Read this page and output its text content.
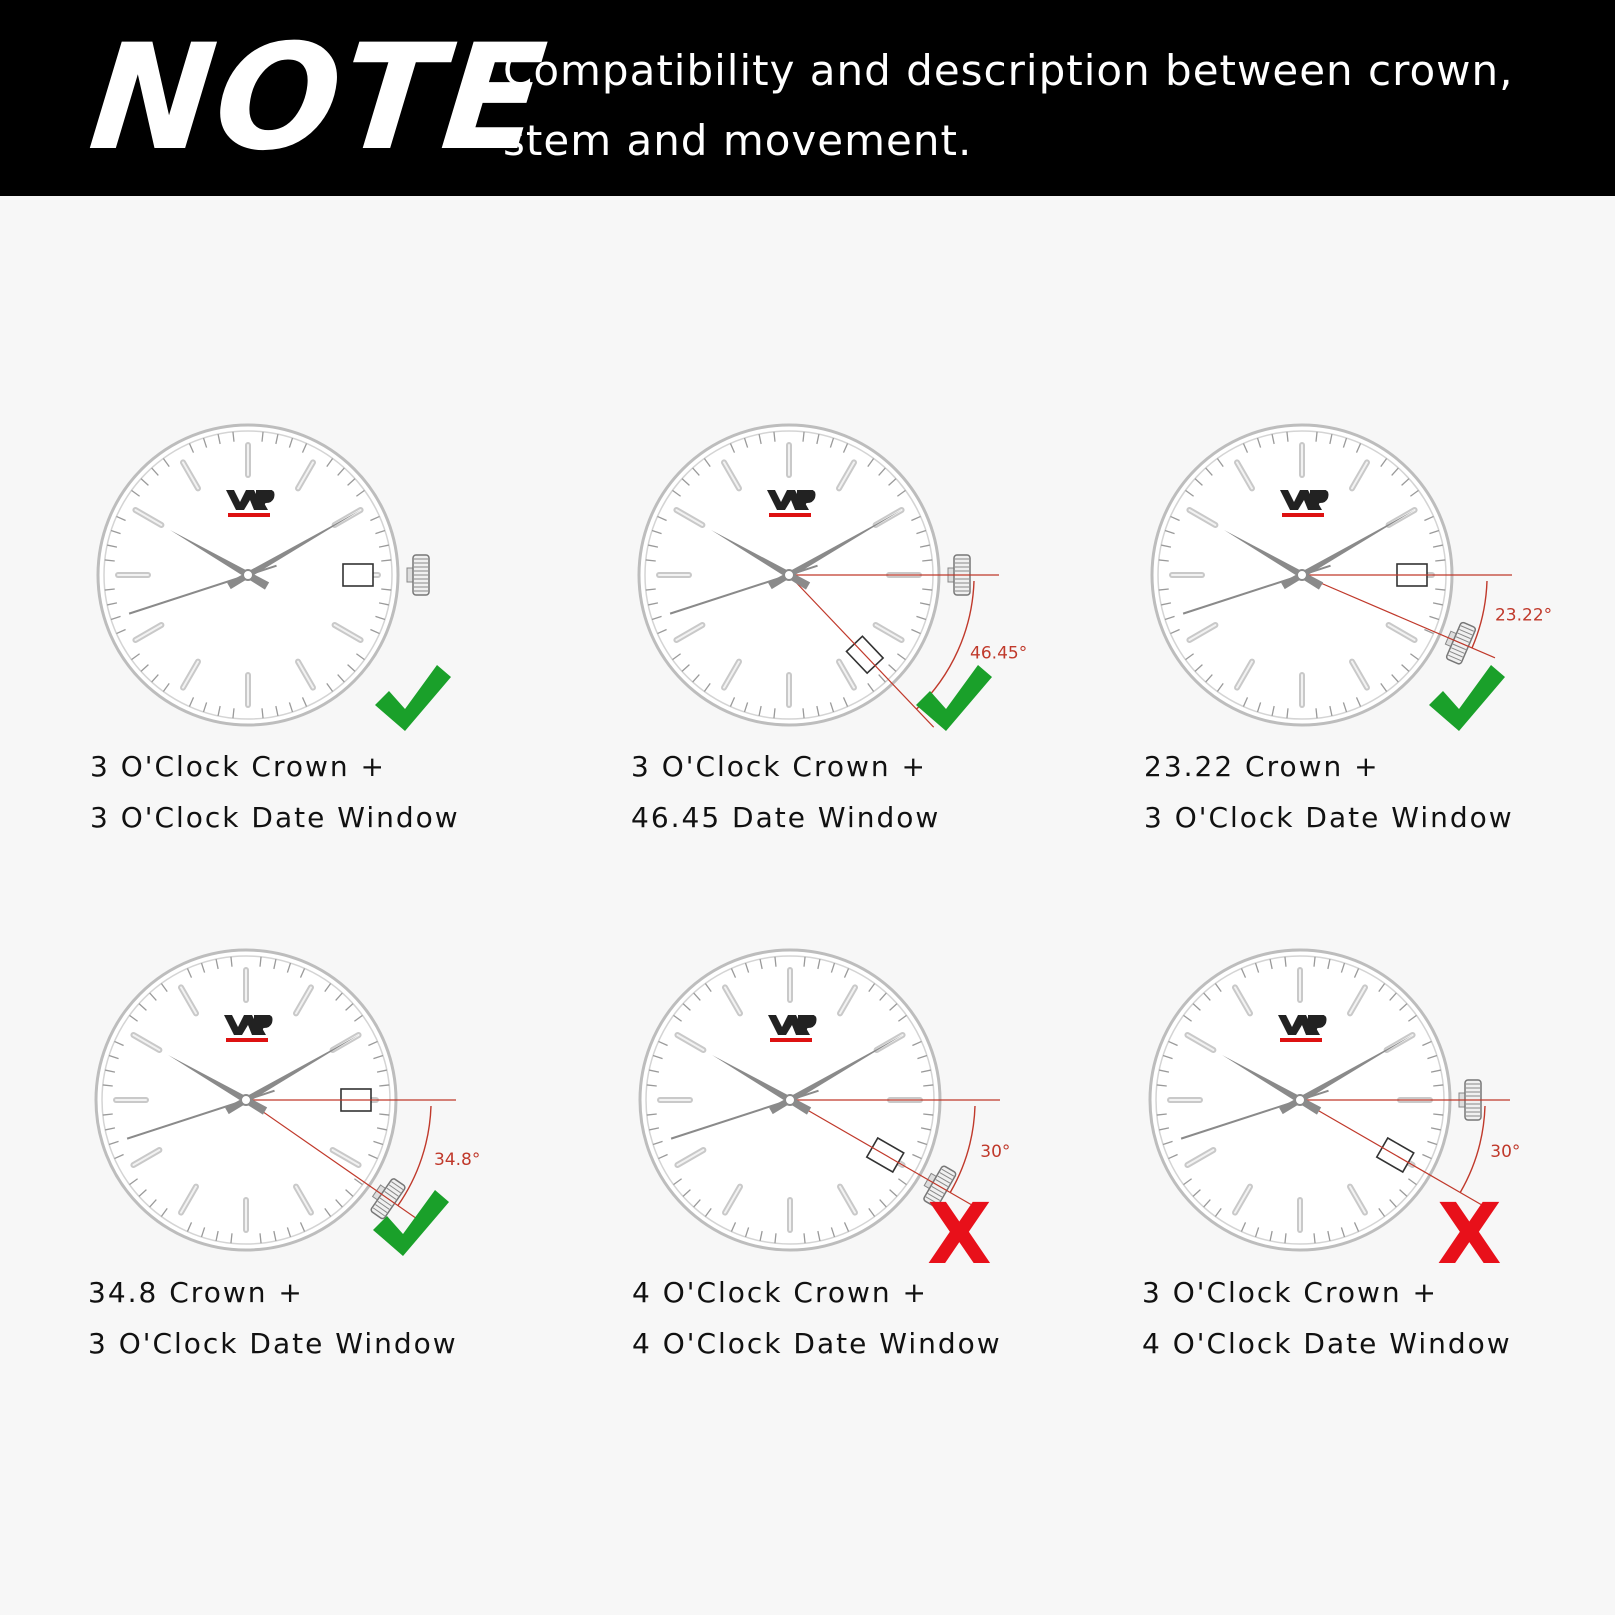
NOTE
Compatibility and description between crown,
stem and movement.
3 O'Clock Crown +
3 O'Clock Date Window
46.45°
3 O'Clock Crown +
46.45 Date Window
23.22°
23.22 Crown +
3 O'Clock Date Window
34.8°
34.8 Crown +
3 O'Clock Date Window
30°
X
4 O'Clock Crown +
4 O'Clock Date Window
30°
X
3 O'Clock Crown +
4 O'Clock Date Window
